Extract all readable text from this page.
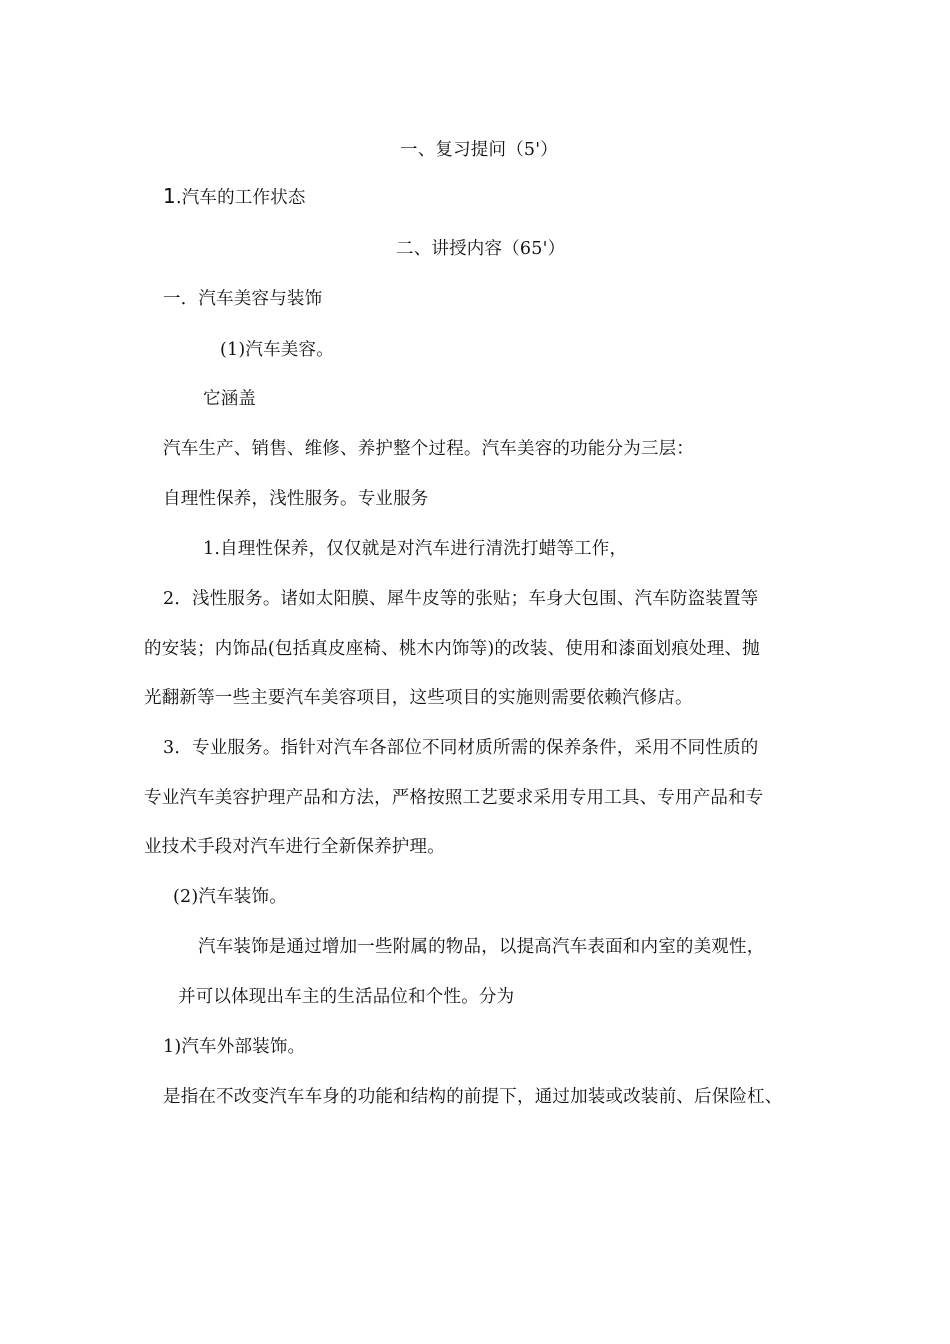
一、复习提问（5'）
1.汽车的工作状态
二、讲授内容（65'）
一．汽车美容与装饰
(1)汽车美容。
它涵盖
汽车生产、销售、维修、养护整个过程。汽车美容的功能分为三层：
自理性保养，浅性服务。专业服务
1.自理性保养，仅仅就是对汽车进行清洗打蜡等工作，
2．浅性服务。诸如太阳膜、犀牛皮等的张贴；车身大包围、汽车防盗装置等
的安装；内饰品(包括真皮座椅、桃木内饰等)的改装、使用和漆面划痕处理、抛
光翻新等一些主要汽车美容项目，这些项目的实施则需要依赖汽修店。
3．专业服务。指针对汽车各部位不同材质所需的保养条件，采用不同性质的
专业汽车美容护理产品和方法，严格按照工艺要求采用专用工具、专用产品和专
业技术手段对汽车进行全新保养护理。
(2)汽车装饰。
汽车装饰是通过增加一些附属的物品，以提高汽车表面和内室的美观性，
并可以体现出车主的生活品位和个性。分为
1)汽车外部装饰。
是指在不改变汽车车身的功能和结构的前提下，通过加装或改装前、后保险杠、
